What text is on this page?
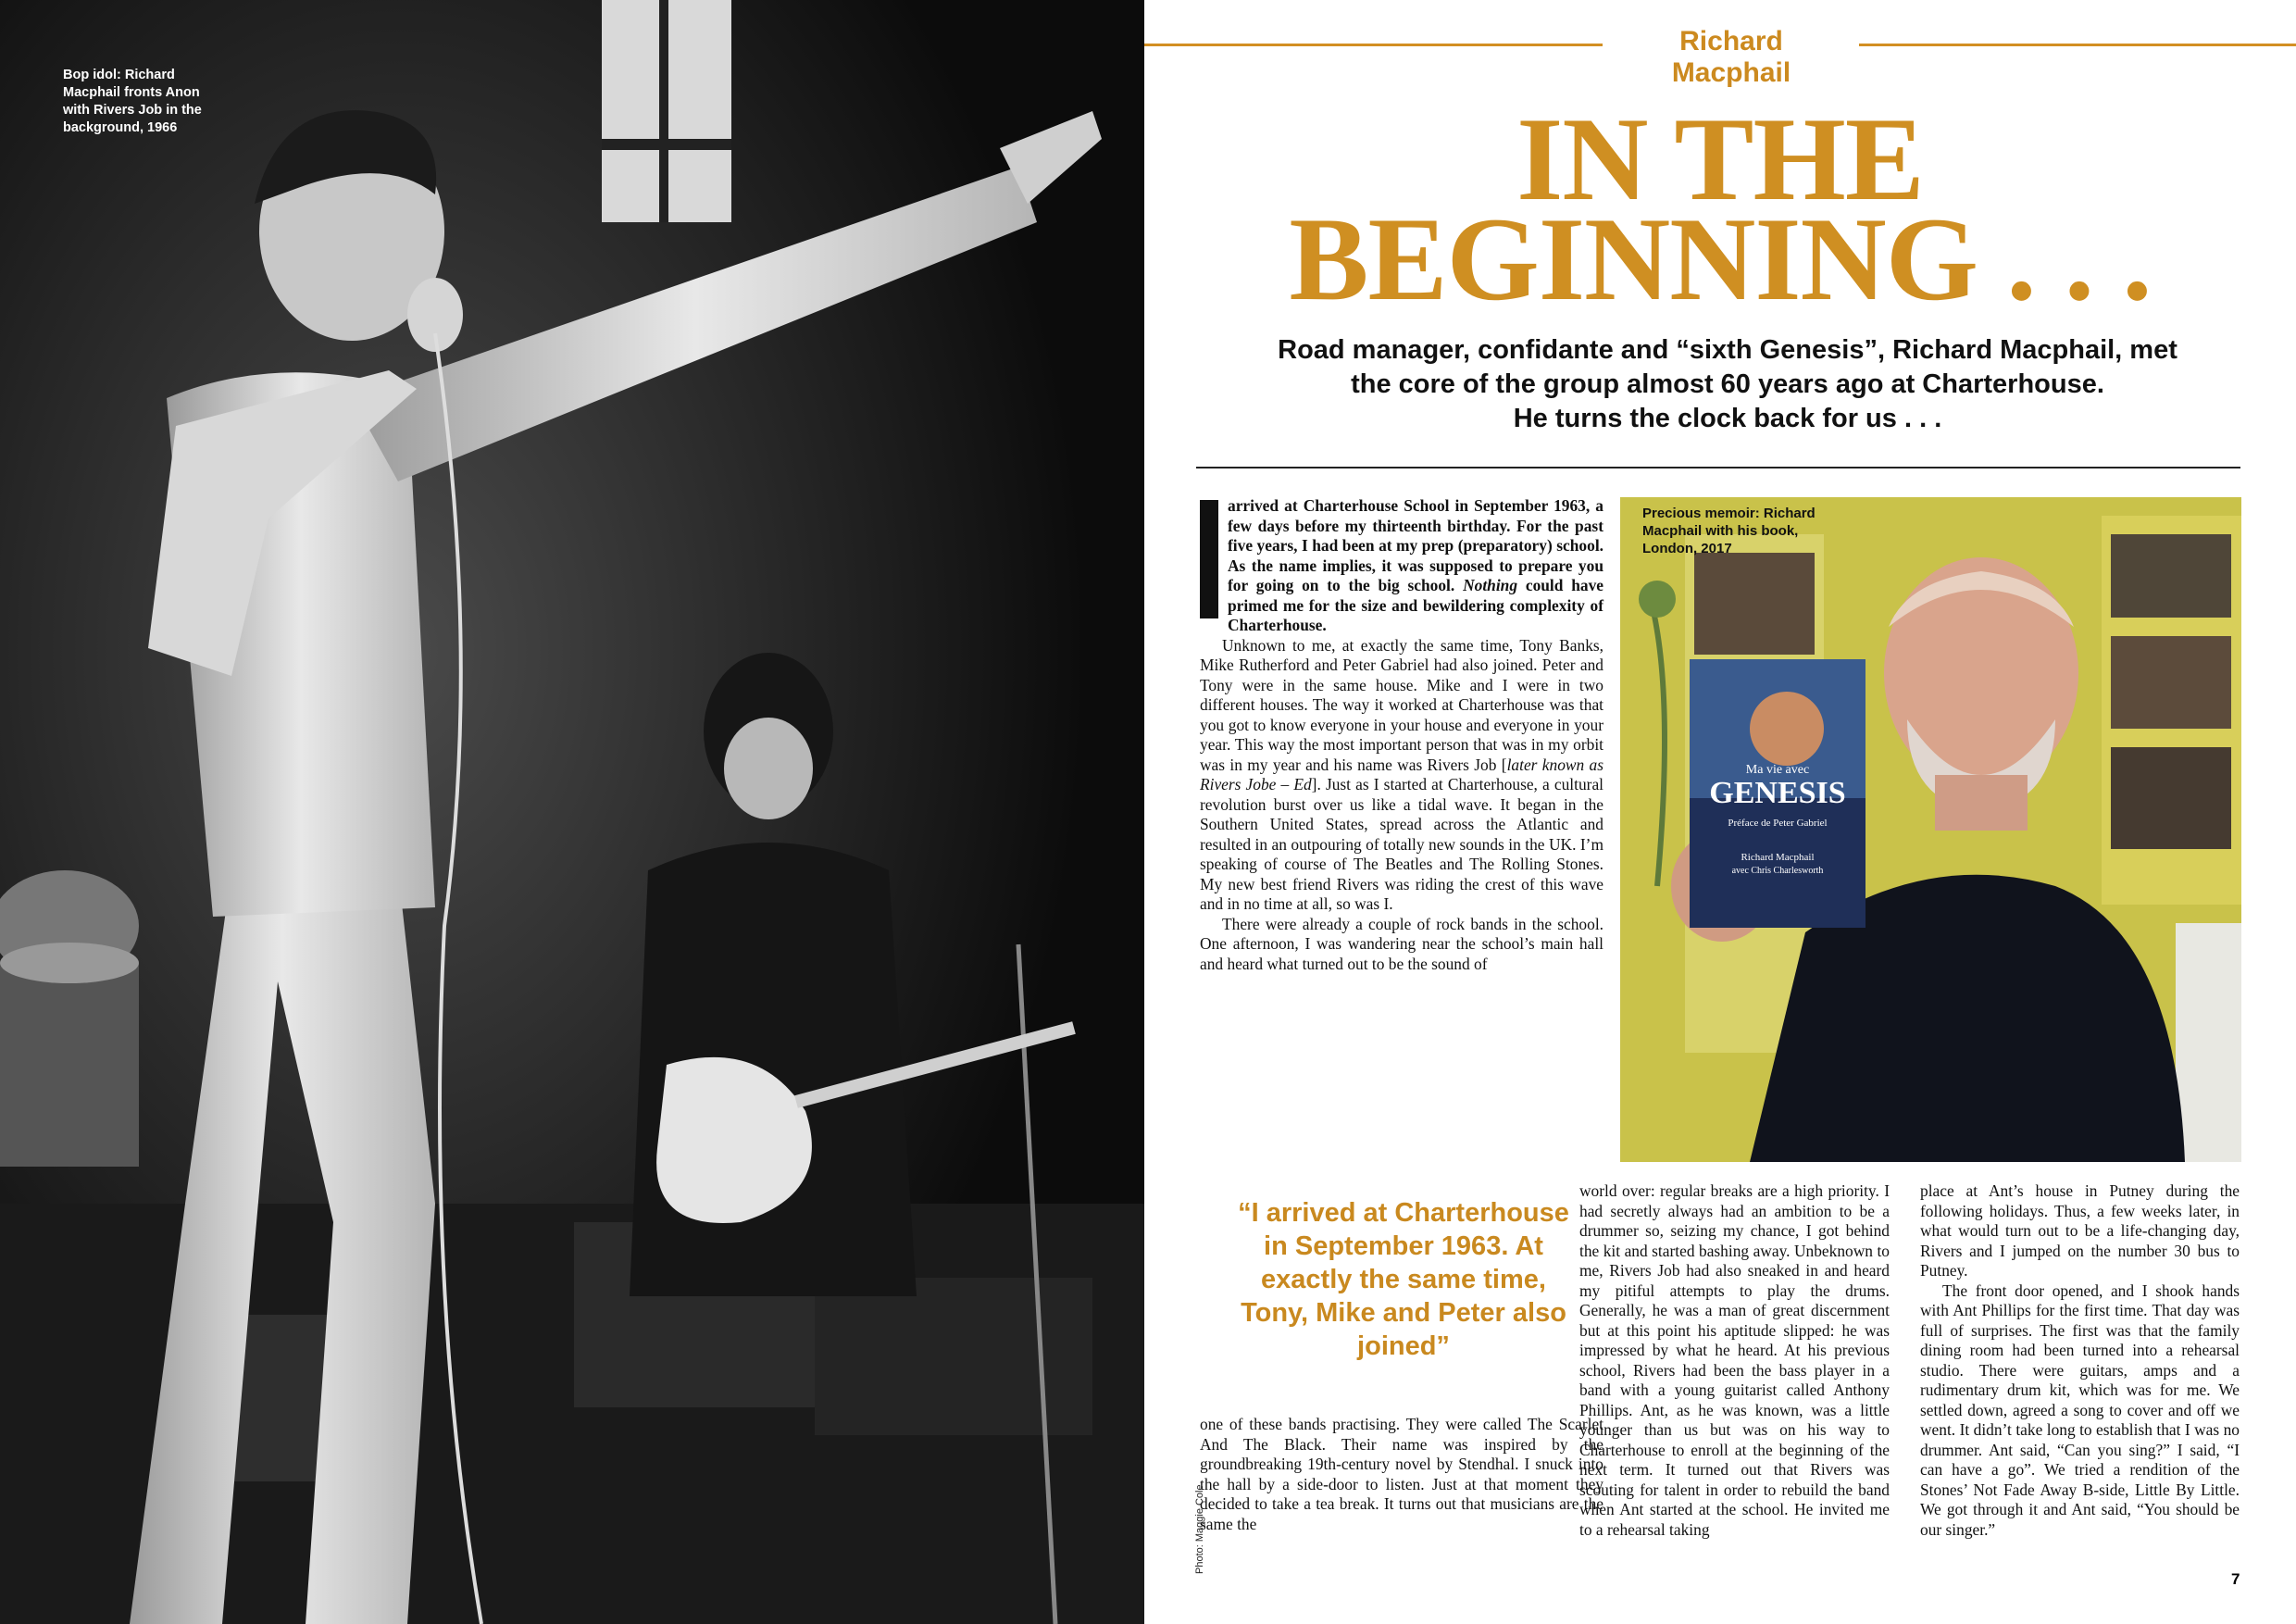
Bop idol: Richard Macphail fronts Anon with Rivers Job in the background, 1966
Richard Macphail
IN THE
BEGINNING . . .
Road manager, confidante and “sixth Genesis”, Richard Macphail, met
the core of the group almost 60 years ago at Charterhouse.
He turns the clock back for us . . .

arrived at Charterhouse School in September 1963, a few days before my thirteenth birthday. For the past five years, I had been at my prep (preparatory) school. As the name implies, it was supposed to prepare you for going on to the big school. Nothing could have primed me for the size and bewildering complexity of Charterhouse.

Unknown to me, at exactly the same time, Tony Banks, Mike Rutherford and Peter Gabriel had also joined. Peter and Tony were in the same house. Mike and I were in two different houses. The way it worked at Charterhouse was that you got to know everyone in your house and everyone in your year. This way the most important person that was in my orbit was in my year and his name was Rivers Job [later known as Rivers Jobe – Ed]. Just as I started at Charterhouse, a cultural revolution burst over us like a tidal wave. It began in the Southern United States, spread across the Atlantic and resulted in an outpouring of totally new sounds in the UK. I’m speaking of course of The Beatles and The Rolling Stones. My new best friend Rivers was riding the crest of this wave and in no time at all, so was I.

There were already a couple of rock bands in the school. One afternoon, I was wandering near the school’s main hall and heard what turned out to be the sound of

“I arrived at Charterhouse in September 1963. At exactly the same time, Tony, Mike and Peter also joined”

one of these bands practising. They were called The Scarlet And The Black. Their name was inspired by the groundbreaking 19th-century novel by Stendhal. I snuck into the hall by a side-door to listen. Just at that moment they decided to take a tea break. It turns out that musicians are the same the

Ma vie avec
GENESIS
Préface de Peter Gabriel
Richard Macphail
avec Chris Charlesworth
Precious memoir: Richard Macphail with his book, London, 2017

world over: regular breaks are a high priority. I had secretly always had an ambition to be a drummer so, seizing my chance, I got behind the kit and started bashing away. Unbeknown to me, Rivers Job had also sneaked in and heard my pitiful attempts to play the drums. Generally, he was a man of great discernment but at this point his aptitude slipped: he was impressed by what he heard. At his previous school, Rivers had been the bass player in a band with a young guitarist called Anthony Phillips. Ant, as he was known, was a little younger than us but was on his way to Charterhouse to enroll at the beginning of the next term. It turned out that Rivers was scouting for talent in order to rebuild the band when Ant started at the school. He invited me to a rehearsal taking

place at Ant’s house in Putney during the following holidays. Thus, a few weeks later, in what would turn out to be a life-changing day, Rivers and I jumped on the number 30 bus to Putney.

The front door opened, and I shook hands with Ant Phillips for the first time. That day was full of surprises. The first was that the family dining room had been turned into a rehearsal studio. There were guitars, amps and a rudimentary drum kit, which was for me. We settled down, agreed a song to cover and off we went. It didn’t take long to establish that I was no drummer. Ant said, “Can you sing?” I said, “I can have a go”. We tried a rendition of the Stones’ Not Fade Away B-side, Little By Little. We got through it and Ant said, “You should be our singer.”

7
Photo: Maggie Cole
